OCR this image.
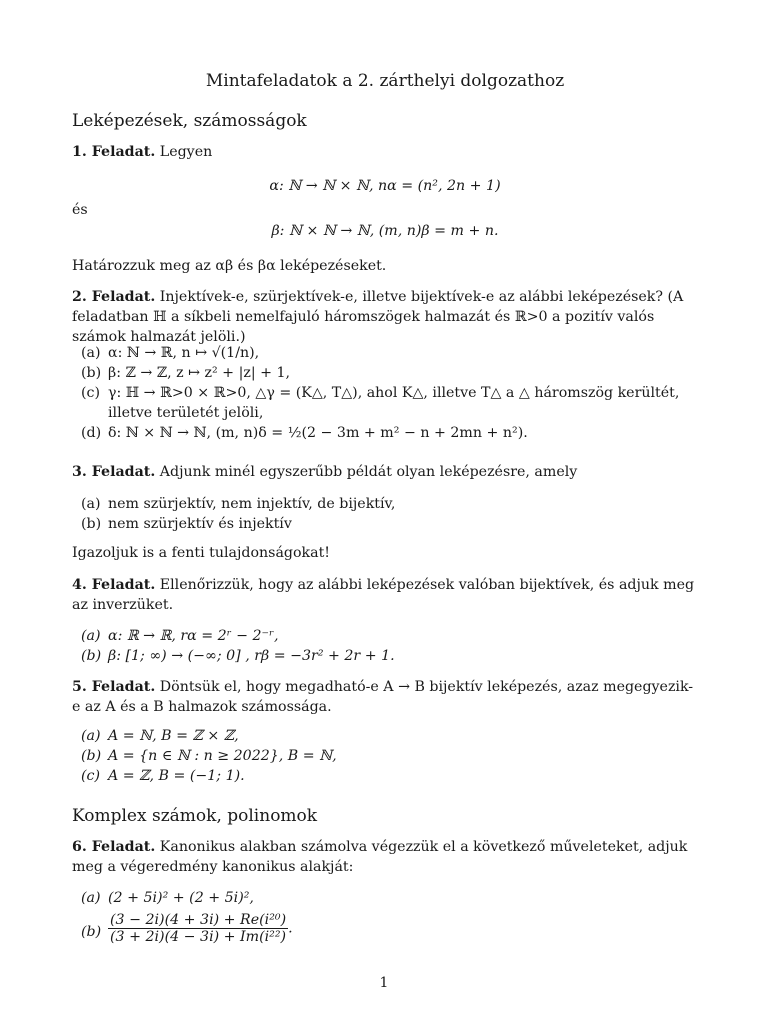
Mintafeladatok a 2. zárthelyi dolgozathoz
Leképezések, számosságok
1. Feladat. Legyen
α: ℕ → ℕ × ℕ, nα = (n², 2n + 1)
és
β: ℕ × ℕ → ℕ, (m, n)β = m + n.
Határozzuk meg az αβ és βα leképezéseket.
2. Feladat. Injektívek-e, szürjektívek-e, illetve bijektívek-e az alábbi leképezések? (A feladatban ℍ a síkbeli nemelfajuló háromszögek halmazát és ℝ>0 a pozitív valós számok halmazát jelöli.)
(a) α: ℕ → ℝ, n ↦ √(1/n),
(b) β: ℤ → ℤ, z ↦ z² + |z| + 1,
(c) γ: ℍ → ℝ>0 × ℝ>0, △γ = (K△, T△), ahol K△, illetve T△ a △ háromszög kerültét, illetve területét jelöli,
(d) δ: ℕ × ℕ → ℕ, (m, n)δ = ½(2 − 3m + m² − n + 2mn + n²).
3. Feladat. Adjunk minél egyszerűbb példát olyan leképezésre, amely
(a) nem szürjektív, nem injektív, de bijektív,
(b) nem szürjektív és injektív
Igazoljuk is a fenti tulajdonságokat!
4. Feladat. Ellenőrizzük, hogy az alábbi leképezések valóban bijektívek, és adjuk meg az inverzüket.
(a) α: ℝ → ℝ, rα = 2ʳ − 2⁻ʳ,
(b) β: [1; ∞) → (−∞; 0] , rβ = −3r² + 2r + 1.
5. Feladat. Döntsük el, hogy megadható-e A → B bijektív leképezés, azaz megegyezik-e az A és a B halmazok számossága.
(a) A = ℕ, B = ℤ × ℤ,
(b) A = {n ∈ ℕ : n ≥ 2022}, B = ℕ,
(c) A = ℤ, B = (−1; 1).
Komplex számok, polinomok
6. Feladat. Kanonikus alakban számolva végezzük el a következő műveleteket, adjuk meg a végeredmény kanonikus alakját:
(a) (2 + 5i)² + (2 + 5i)²,
$(b) \frac{\text{(3 − 2i)(4 + 3i) + Re(i²⁰)}}{\text{(3 + 2i)(4 − 3i) + Im(i²²)}}$ .
1
